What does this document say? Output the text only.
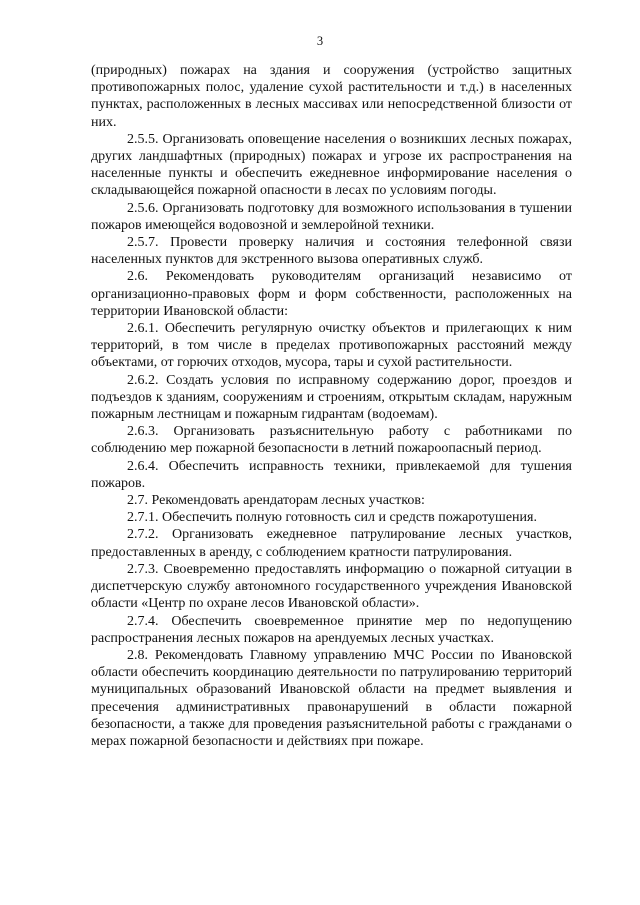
3

(природных) пожарах на здания и сооружения (устройство защитных противопожарных полос, удаление сухой растительности и т.д.) в населенных пунктах, расположенных в лесных массивах или непосредственной близости от них.

2.5.5. Организовать оповещение населения о возникших лесных пожарах, других ландшафтных (природных) пожарах и угрозе их распространения на населенные пункты и обеспечить ежедневное информирование населения о складывающейся пожарной опасности в лесах по условиям погоды.

2.5.6. Организовать подготовку для возможного использования в тушении пожаров имеющейся водовозной и землеройной техники.

2.5.7. Провести проверку наличия и состояния телефонной связи населенных пунктов для экстренного вызова оперативных служб.

2.6. Рекомендовать руководителям организаций независимо от организационно-правовых форм и форм собственности, расположенных на территории Ивановской области:

2.6.1. Обеспечить регулярную очистку объектов и прилегающих к ним территорий, в том числе в пределах противопожарных расстояний между объектами, от горючих отходов, мусора, тары и сухой растительности.

2.6.2. Создать условия по исправному содержанию дорог, проездов и подъездов к зданиям, сооружениям и строениям, открытым складам, наружным пожарным лестницам и пожарным гидрантам (водоемам).

2.6.3. Организовать разъяснительную работу с работниками по соблюдению мер пожарной безопасности в летний пожароопасный период.

2.6.4. Обеспечить исправность техники, привлекаемой для тушения пожаров.

2.7. Рекомендовать арендаторам лесных участков:

2.7.1. Обеспечить полную готовность сил и средств пожаротушения.

2.7.2. Организовать ежедневное патрулирование лесных участков, предоставленных в аренду, с соблюдением кратности патрулирования.

2.7.3. Своевременно предоставлять информацию о пожарной ситуации в диспетчерскую службу автономного государственного учреждения Ивановской области «Центр по охране лесов Ивановской области».

2.7.4. Обеспечить своевременное принятие мер по недопущению распространения лесных пожаров на арендуемых лесных участках.

2.8. Рекомендовать Главному управлению МЧС России по Ивановской области обеспечить координацию деятельности по патрулированию территорий муниципальных образований Ивановской области на предмет выявления и пресечения административных правонарушений в области пожарной безопасности, а также для проведения разъяснительной работы с гражданами о мерах пожарной безопасности и действиях при пожаре.
